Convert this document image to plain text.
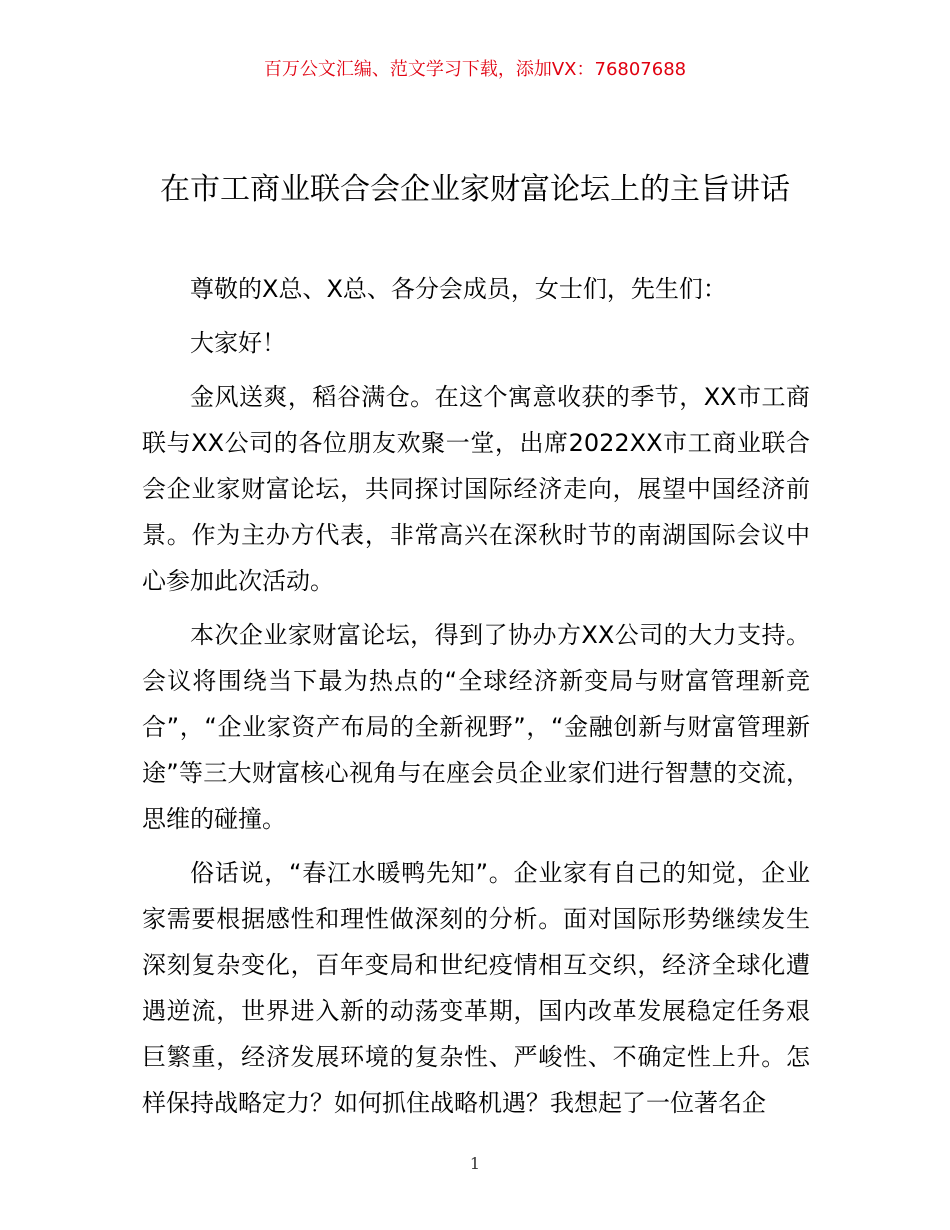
百万公文汇编、范文学习下载，添加VX：76807688
在市工商业联合会企业家财富论坛上的主旨讲话

尊敬的X总、X总、各分会成员，女士们，先生们：

大家好！

金风送爽，稻谷满仓。在这个寓意收获的季节，XX市工商联与XX公司的各位朋友欢聚一堂，出席2022XX市工商业联合会企业家财富论坛，共同探讨国际经济走向，展望中国经济前景。作为主办方代表，非常高兴在深秋时节的南湖国际会议中心参加此次活动。

本次企业家财富论坛，得到了协办方XX公司的大力支持。会议将围绕当下最为热点的“全球经济新变局与财富管理新竞合”，“企业家资产布局的全新视野”，“金融创新与财富管理新途”等三大财富核心视角与在座会员企业家们进行智慧的交流，思维的碰撞。

俗话说，“春江水暖鸭先知”。企业家有自己的知觉，企业家需要根据感性和理性做深刻的分析。面对国际形势继续发生深刻复杂变化，百年变局和世纪疫情相互交织，经济全球化遭遇逆流，世界进入新的动荡变革期，国内改革发展稳定任务艰巨繁重，经济发展环境的复杂性、严峻性、不确定性上升。怎样保持战略定力？如何抓住战略机遇？我想起了一位著名企

1
